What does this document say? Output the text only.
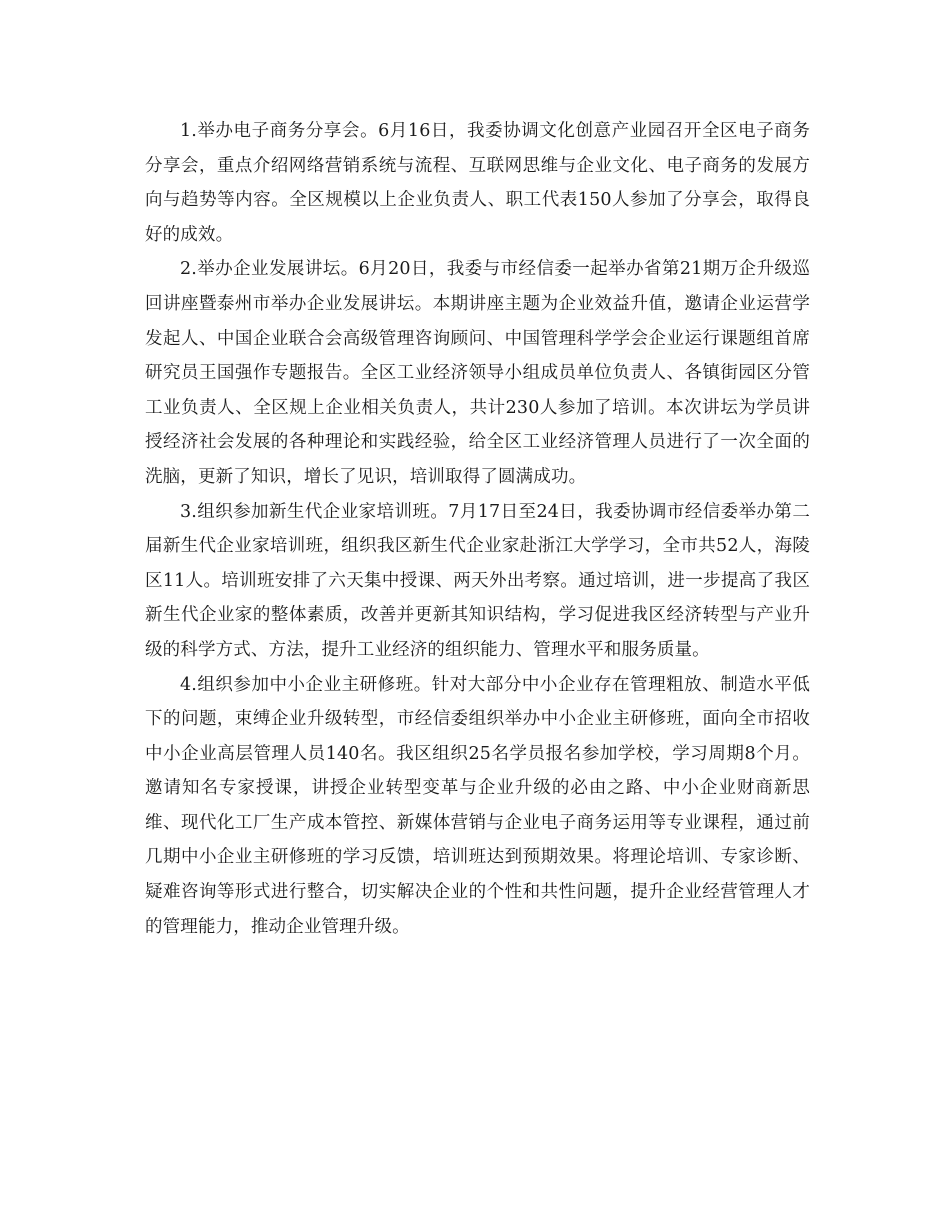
1.举办电子商务分享会。6月16日，我委协调文化创意产业园召开全区电子商务分享会，重点介绍网络营销系统与流程、互联网思维与企业文化、电子商务的发展方向与趋势等内容。全区规模以上企业负责人、职工代表150人参加了分享会，取得良好的成效。

2.举办企业发展讲坛。6月20日，我委与市经信委一起举办省第21期万企升级巡回讲座暨泰州市举办企业发展讲坛。本期讲座主题为企业效益升值，邀请企业运营学发起人、中国企业联合会高级管理咨询顾问、中国管理科学学会企业运行课题组首席研究员王国强作专题报告。全区工业经济领导小组成员单位负责人、各镇街园区分管工业负责人、全区规上企业相关负责人，共计230人参加了培训。本次讲坛为学员讲授经济社会发展的各种理论和实践经验，给全区工业经济管理人员进行了一次全面的洗脑，更新了知识，增长了见识，培训取得了圆满成功。

3.组织参加新生代企业家培训班。7月17日至24日，我委协调市经信委举办第二届新生代企业家培训班，组织我区新生代企业家赴浙江大学学习，全市共52人，海陵区11人。培训班安排了六天集中授课、两天外出考察。通过培训，进一步提高了我区新生代企业家的整体素质，改善并更新其知识结构，学习促进我区经济转型与产业升级的科学方式、方法，提升工业经济的组织能力、管理水平和服务质量。

4.组织参加中小企业主研修班。针对大部分中小企业存在管理粗放、制造水平低下的问题，束缚企业升级转型，市经信委组织举办中小企业主研修班，面向全市招收中小企业高层管理人员140名。我区组织25名学员报名参加学校，学习周期8个月。邀请知名专家授课，讲授企业转型变革与企业升级的必由之路、中小企业财商新思维、现代化工厂生产成本管控、新媒体营销与企业电子商务运用等专业课程，通过前几期中小企业主研修班的学习反馈，培训班达到预期效果。将理论培训、专家诊断、疑难咨询等形式进行整合，切实解决企业的个性和共性问题，提升企业经营管理人才的管理能力，推动企业管理升级。
